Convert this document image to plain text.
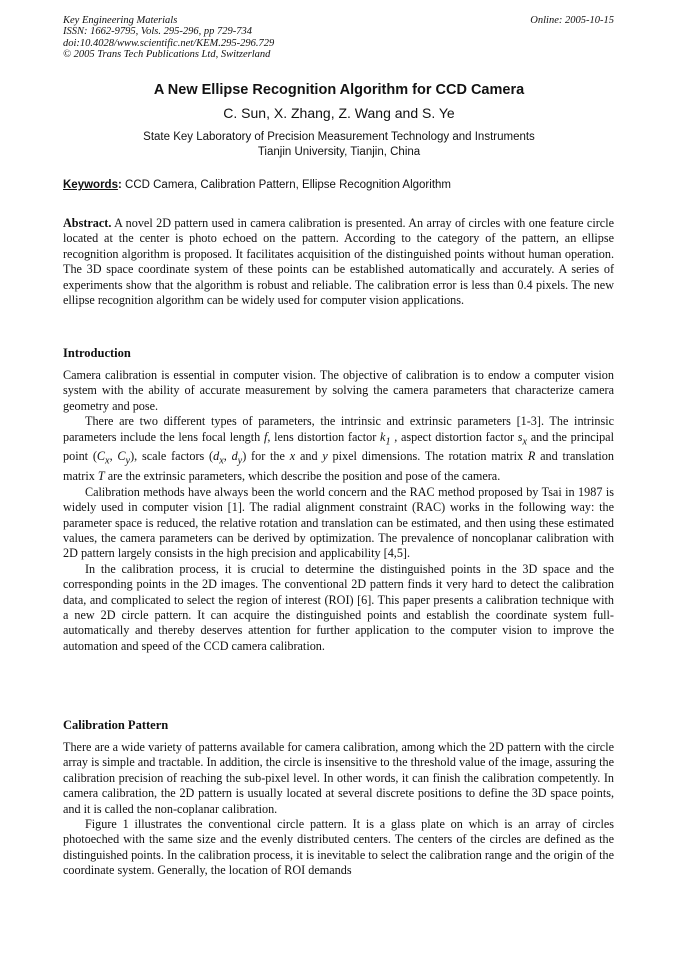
Key Engineering Materials
ISSN: 1662-9795, Vols. 295-296, pp 729-734
doi:10.4028/www.scientific.net/KEM.295-296.729
© 2005 Trans Tech Publications Ltd, Switzerland
Online: 2005-10-15
A New Ellipse Recognition Algorithm for CCD Camera
C. Sun, X. Zhang, Z. Wang and S. Ye
State Key Laboratory of Precision Measurement Technology and Instruments
Tianjin University, Tianjin, China
Keywords: CCD Camera, Calibration Pattern, Ellipse Recognition Algorithm

Abstract. A novel 2D pattern used in camera calibration is presented. An array of circles with one feature circle located at the center is photo echoed on the pattern. According to the category of the pattern, an ellipse recognition algorithm is proposed. It facilitates acquisition of the distinguished points without human operation. The 3D space coordinate system of these points can be established automatically and accurately. A series of experiments show that the algorithm is robust and reliable. The calibration error is less than 0.4 pixels. The new ellipse recognition algorithm can be widely used for computer vision applications.

Introduction

Camera calibration is essential in computer vision. The objective of calibration is to endow a computer vision system with the ability of accurate measurement by solving the camera parameters that characterize camera geometry and pose.

There are two different types of parameters, the intrinsic and extrinsic parameters [1-3]. The intrinsic parameters include the lens focal length f, lens distortion factor $k_1$ , aspect distortion factor $s_x$ and the principal point ($C_x$, $C_y$), scale factors ($d_x$, $d_y$) for the x and y pixel dimensions. The rotation matrix R and translation matrix T are the extrinsic parameters, which describe the position and pose of the camera.

Calibration methods have always been the world concern and the RAC method proposed by Tsai in 1987 is widely used in computer vision [1]. The radial alignment constraint (RAC) works in the following way: the parameter space is reduced, the relative rotation and translation can be estimated, and then using these estimated values, the camera parameters can be derived by optimization. The prevalence of noncoplanar calibration with 2D pattern largely consists in the high precision and applicability [4,5].

In the calibration process, it is crucial to determine the distinguished points in the 3D space and the corresponding points in the 2D images. The conventional 2D pattern finds it very hard to detect the calibration data, and complicated to select the region of interest (ROI) [6]. This paper presents a calibration technique with a new 2D circle pattern. It can acquire the distinguished points and establish the coordinate system full-automatically and thereby deserves attention for further application to the computer vision to improve the automation and speed of the CCD camera calibration.

Calibration Pattern

There are a wide variety of patterns available for camera calibration, among which the 2D pattern with the circle array is simple and tractable. In addition, the circle is insensitive to the threshold value of the image, assuring the calibration precision of reaching the sub-pixel level. In other words, it can finish the calibration competently. In camera calibration, the 2D pattern is usually located at several discrete positions to define the 3D space points, and it is called the non-coplanar calibration.

Figure 1 illustrates the conventional circle pattern. It is a glass plate on which is an array of circles photoeched with the same size and the evenly distributed centers. The centers of the circles are defined as the distinguished points. In the calibration process, it is inevitable to select the calibration range and the origin of the coordinate system. Generally, the location of ROI demands
